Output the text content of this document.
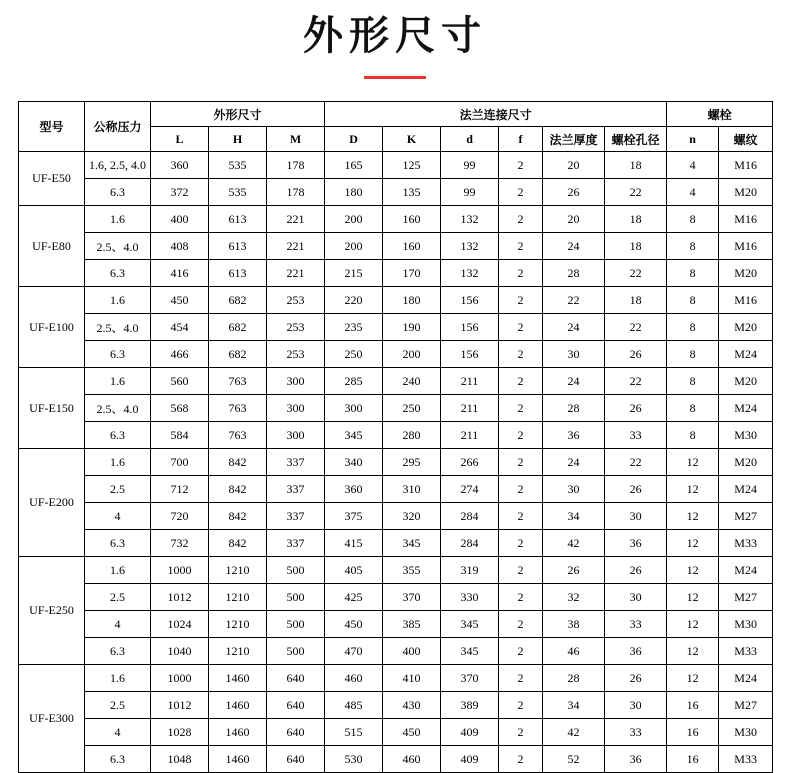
外形尺寸
型号	公称压力	外形尺寸			法兰连接尺寸						螺栓	
		L	H	M	D	K	d	f	法兰厚度	螺栓孔径	n	螺纹
UF-E50	1.6, 2.5, 4.0	360	535	178	165	125	99	2	20	18	4	M16
	6.3	372	535	178	180	135	99	2	26	22	4	M20
UF-E80	1.6	400	613	221	200	160	132	2	20	18	8	M16
	2.5、4.0	408	613	221	200	160	132	2	24	18	8	M16
	6.3	416	613	221	215	170	132	2	28	22	8	M20
UF-E100	1.6	450	682	253	220	180	156	2	22	18	8	M16
	2.5、4.0	454	682	253	235	190	156	2	24	22	8	M20
	6.3	466	682	253	250	200	156	2	30	26	8	M24
UF-E150	1.6	560	763	300	285	240	211	2	24	22	8	M20
	2.5、4.0	568	763	300	300	250	211	2	28	26	8	M24
	6.3	584	763	300	345	280	211	2	36	33	8	M30
UF-E200	1.6	700	842	337	340	295	266	2	24	22	12	M20
	2.5	712	842	337	360	310	274	2	30	26	12	M24
	4	720	842	337	375	320	284	2	34	30	12	M27
	6.3	732	842	337	415	345	284	2	42	36	12	M33
UF-E250	1.6	1000	1210	500	405	355	319	2	26	26	12	M24
	2.5	1012	1210	500	425	370	330	2	32	30	12	M27
	4	1024	1210	500	450	385	345	2	38	33	12	M30
	6.3	1040	1210	500	470	400	345	2	46	36	12	M33
UF-E300	1.6	1000	1460	640	460	410	370	2	28	26	12	M24
	2.5	1012	1460	640	485	430	389	2	34	30	16	M27
	4	1028	1460	640	515	450	409	2	42	33	16	M30
	6.3	1048	1460	640	530	460	409	2	52	36	16	M33
